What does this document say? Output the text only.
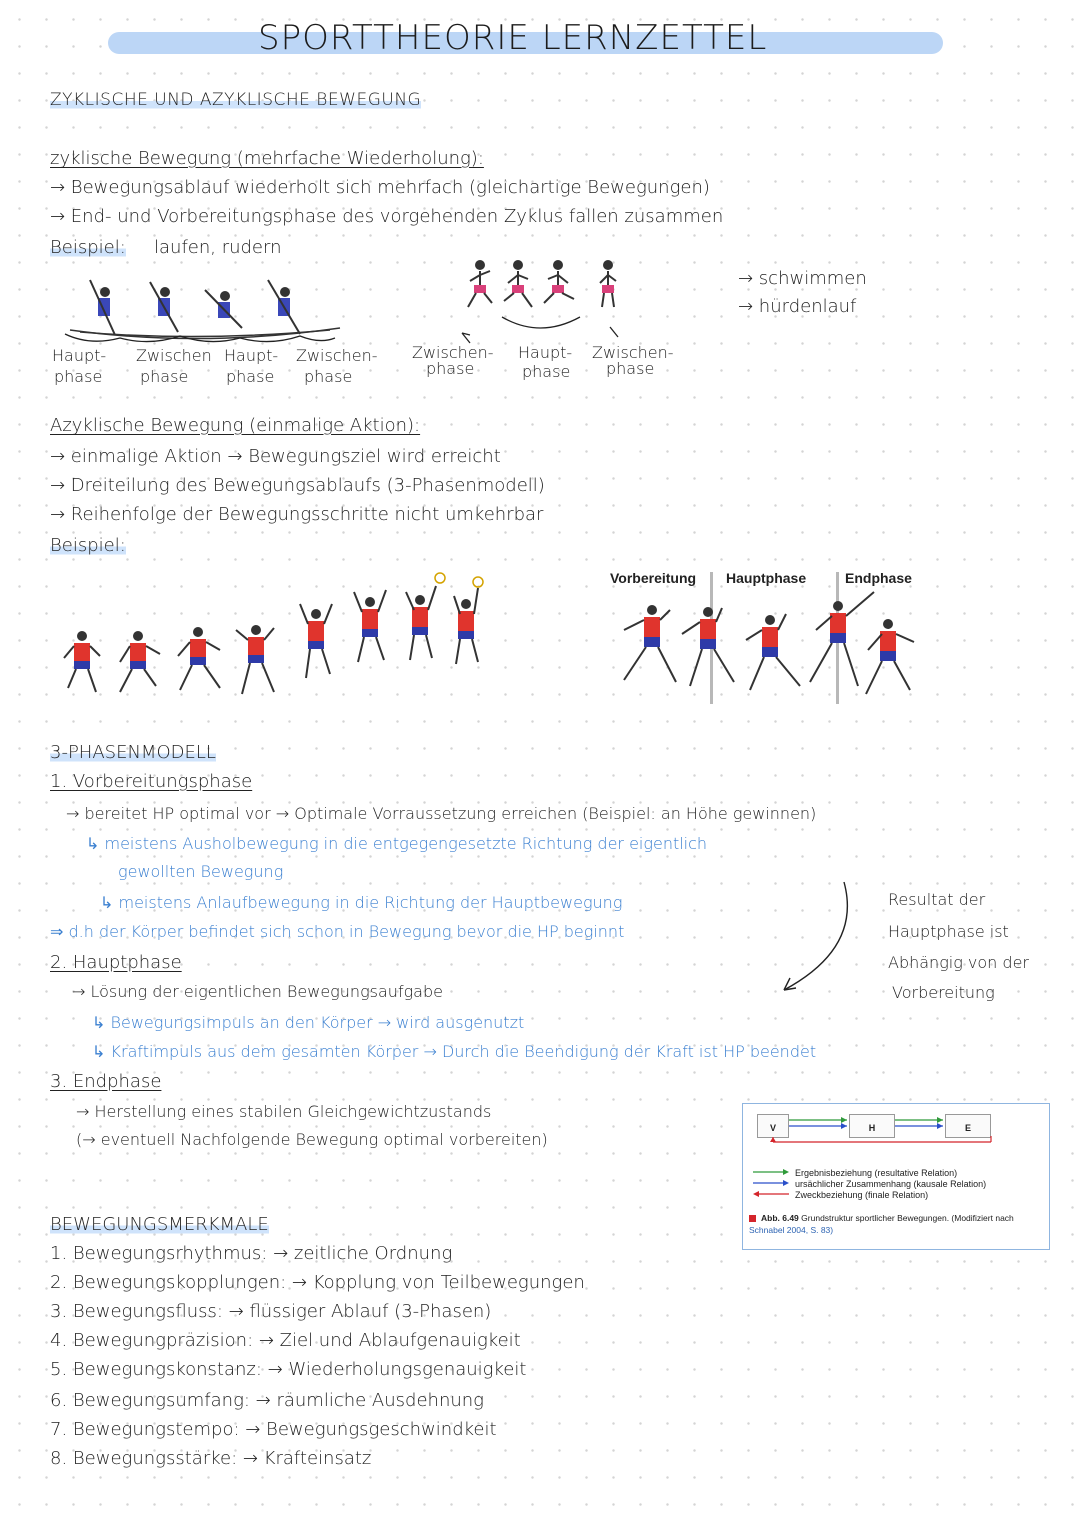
SPORTTHEORIE LERNZETTEL
ZYKLISCHE UND AZYKLISCHE BEWEGUNG
zyklische Bewegung (mehrfache Wiederholung):
→ Bewegungsablauf wiederholt sich mehrfach (gleichartige Bewegungen)
→ End- und Vorbereitungsphase des vorgehenden Zyklus fallen zusammen
Beispiel: laufen, rudern
→ schwimmen
→ hürdenlauf
Haupt- Zwischen Haupt- Zwischen-
phase phase phase phase
Zwischen- Haupt- Zwischen-
phase	phase phase
Azyklische Bewegung (einmalige Aktion):
→ einmalige Aktion → Bewegungsziel wird erreicht
→ Dreiteilung des Bewegungsablaufs (3-Phasenmodell)
→ Reihenfolge der Bewegungsschritte nicht umkehrbar
Beispiel:
Vorbereitung Hauptphase	Endphase
3-PHASENMODELL
1. Vorbereitungsphase
→ bereitet HP optimal vor → Optimale Vorraussetzung erreichen (Beispiel: an Höhe gewinnen)
↳ meistens Ausholbewegung in die entgegengesetzte Richtung der eigentlich
gewollten Bewegung
↳ meistens Anlaufbewegung in die Richtung der Hauptbewegung
⇒ d.h der Körper befindet sich schon in Bewegung bevor die HP beginnt
Resultat der
Hauptphase ist
Abhängig von der
Vorbereitung
2. Hauptphase
→ Lösung der eigentlichen Bewegungsaufgabe
↳ Bewegungsimpuls an den Körper → wird ausgenutzt
↳ Kraftimpuls aus dem gesamten Körper → Durch die Beendigung der Kraft ist HP beendet
3. Endphase
→ Herstellung eines stabilen Gleichgewichtzustands
(→ eventuell Nachfolgende Bewegung optimal vorbereiten)
V	H	E
Ergebnisbeziehung (resultative Relation)
ursächlicher Zusammenhang (kausale Relation)
Zweckbeziehung (finale Relation)
Abb. 6.49 Grundstruktur sportlicher Bewegungen. (Modifiziert nach
Schnabel 2004, S. 83)
BEWEGUNGSMERKMALE
1. Bewegungsrhythmus: → zeitliche Ordnung
2. Bewegungskopplungen: → Kopplung von Teilbewegungen
3. Bewegungsfluss: → flüssiger Ablauf (3-Phasen)
4. Bewegungpräzision: → Ziel und Ablaufgenauigkeit
5. Bewegungskonstanz: → Wiederholungsgenauigkeit
6. Bewegungsumfang: → räumliche Ausdehnung
7. Bewegungstempo: → Bewegungsgeschwindkeit
8. Bewegungsstärke: → Krafteinsatz
